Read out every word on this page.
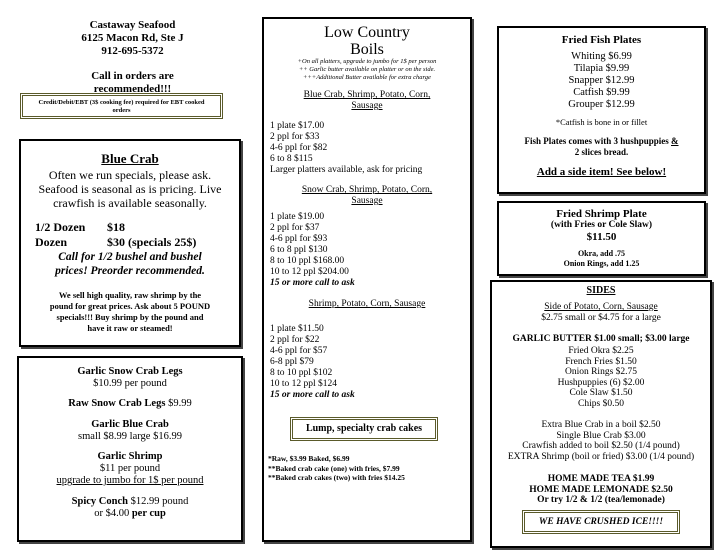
Castaway Seafood
6125 Macon Rd, Ste J
912-695-5372
Call in orders are
recommended!!!
Credit/Debit/EBT (3$ cooking fee) required for EBT cooked
orders
Blue Crab
Often we run specials, please ask.
Seafood is seasonal as is pricing. Live
crawfish is available seasonally.
1/2 Dozen $18
Dozen	$30 (specials 25$)
Call for 1/2 bushel and bushel
prices! Preorder recommended.
We sell high quality, raw shrimp by the
pound for great prices. Ask about 5 POUND
specials!!! Buy shrimp by the pound and
have it raw or steamed!
Garlic Snow Crab Legs
$10.99 per pound
Raw Snow Crab Legs $9.99
Garlic Blue Crab
small $8.99 large $16.99
Garlic Shrimp
$11 per pound
upgrade to jumbo for 1$ per pound
Spicy Conch $12.99 pound
or $4.00 per cup
Low Country
Boils
+On all platters, upgrade to jumbo for 1$ per person
++ Garlic butter available on platter or on the side.
+++Additional Butter available for extra charge
Blue Crab, Shrimp, Potato, Corn,
Sausage
1 plate $17.00
2 ppl for $33
4-6 ppl for $82
6 to 8 $115
Larger platters available, ask for pricing
Snow Crab, Shrimp, Potato, Corn,
Sausage
1 plate $19.00
2 ppl for $37
4-6 ppl for $93
6 to 8 ppl $130
8 to 10 ppl $168.00
10 to 12 ppl $204.00
15 or more call to ask
Shrimp, Potato, Corn, Sausage
1 plate $11.50
2 ppl for $22
4-6 ppl for $57
6-8 ppl $79
8 to 10 ppl $102
10 to 12 ppl $124
15 or more call to ask
Lump, specialty crab cakes
*Raw, $3.99 Baked, $6.99
**Baked crab cake (one) with fries, $7.99
**Baked crab cakes (two) with fries $14.25
Fried Fish Plates
Whiting $6.99
Tilapia $9.99
Snapper $12.99
Catfish $9.99
Grouper $12.99
*Catfish is bone in or fillet
Fish Plates comes with 3 hushpuppies &
2 slices bread.
Add a side item! See below!
Fried Shrimp Plate
(with Fries or Cole Slaw)
$11.50
Okra, add .75
Onion Rings, add 1.25
SIDES
Side of Potato, Corn, Sausage
$2.75 small or $4.75 for a large
GARLIC BUTTER $1.00 small; $3.00 large
Fried Okra $2.25
French Fries $1.50
Onion Rings $2.75
Hushpuppies (6) $2.00
Cole Slaw $1.50
Chips $0.50
Extra Blue Crab in a boil $2.50
Single Blue Crab $3.00
Crawfish added to boil $2.50 (1/4 pound)
EXTRA Shrimp (boil or fried) $3.00 (1/4 pound)
HOME MADE TEA $1.99
HOME MADE LEMONADE $2.50
Or try 1/2 & 1/2 (tea/lemonade)
WE HAVE CRUSHED ICE!!!!
